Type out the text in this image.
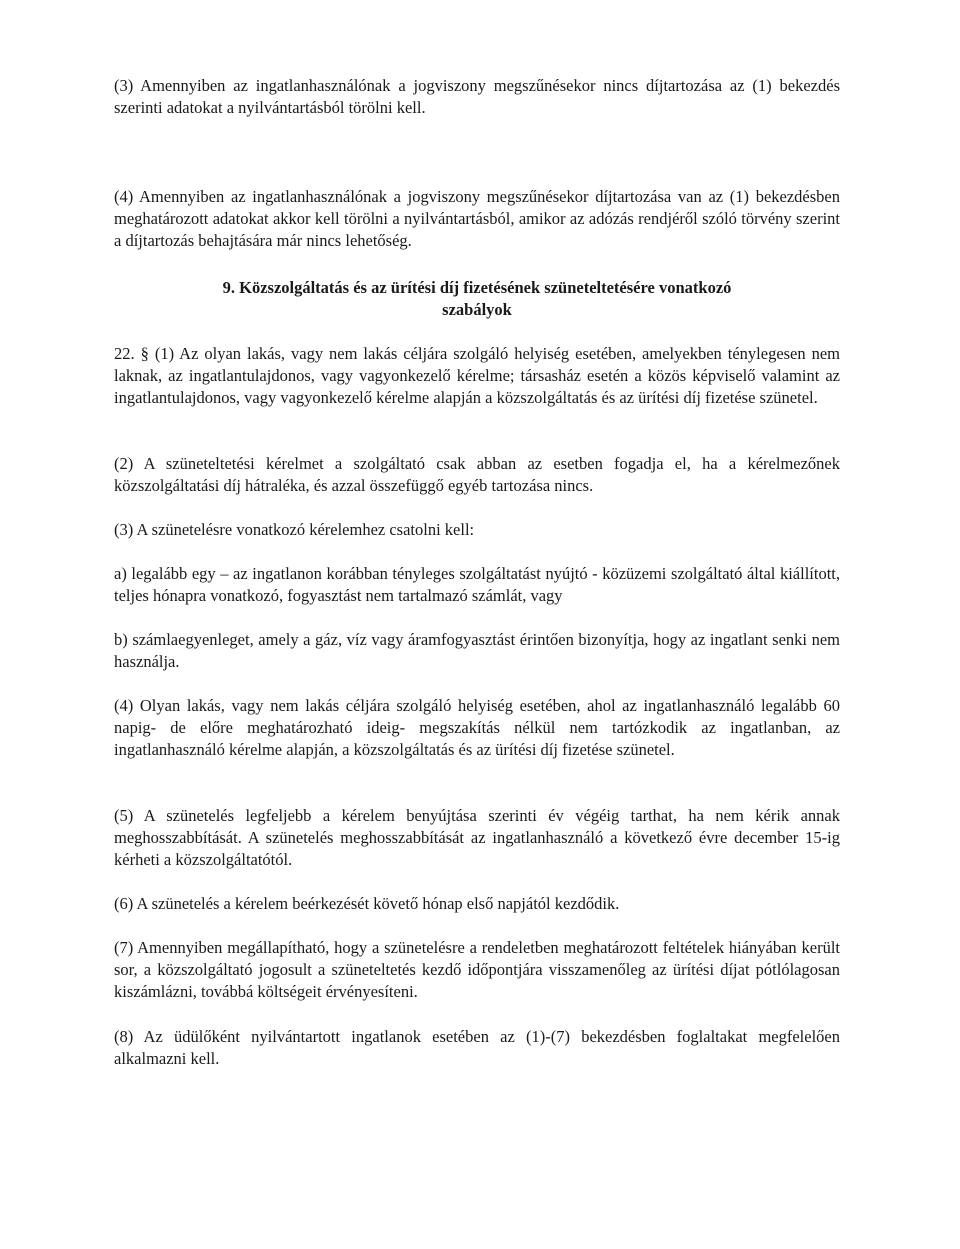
(3) Amennyiben az ingatlanhasználónak a jogviszony megszűnésekor nincs díjtartozása az (1) bekezdés szerinti adatokat a nyilvántartásból törölni kell.

(4) Amennyiben az ingatlanhasználónak a jogviszony megszűnésekor díjtartozása van az (1) bekezdésben meghatározott adatokat akkor kell törölni a nyilvántartásból, amikor az adózás rendjéről szóló törvény szerint a díjtartozás behajtására már nincs lehetőség.

9. Közszolgáltatás és az ürítési díj fizetésének szüneteltetésére vonatkozó
szabályok

22. § (1) Az olyan lakás, vagy nem lakás céljára szolgáló helyiség esetében, amelyekben ténylegesen nem laknak, az ingatlantulajdonos, vagy vagyonkezelő kérelme; társasház esetén a közös képviselő valamint az ingatlantulajdonos, vagy vagyonkezelő kérelme alapján a közszolgáltatás és az ürítési díj fizetése szünetel.

(2) A szüneteltetési kérelmet a szolgáltató csak abban az esetben fogadja el, ha a kérelmezőnek közszolgáltatási díj hátraléka, és azzal összefüggő egyéb tartozása nincs.

(3) A szünetelésre vonatkozó kérelemhez csatolni kell:

a) legalább egy – az ingatlanon korábban tényleges szolgáltatást nyújtó - közüzemi szolgáltató által kiállított, teljes hónapra vonatkozó, fogyasztást nem tartalmazó számlát, vagy

b) számlaegyenleget, amely a gáz, víz vagy áramfogyasztást érintően bizonyítja, hogy az ingatlant senki nem használja.

(4) Olyan lakás, vagy nem lakás céljára szolgáló helyiség esetében, ahol az ingatlanhasználó legalább 60 napig- de előre meghatározható ideig- megszakítás nélkül nem tartózkodik az ingatlanban, az ingatlanhasználó kérelme alapján, a közszolgáltatás és az ürítési díj fizetése szünetel.

(5) A szünetelés legfeljebb a kérelem benyújtása szerinti év végéig tarthat, ha nem kérik annak meghosszabbítását. A szünetelés meghosszabbítását az ingatlanhasználó a következő évre december 15-ig kérheti a közszolgáltatótól.

(6) A szünetelés a kérelem beérkezését követő hónap első napjától kezdődik.

(7) Amennyiben megállapítható, hogy a szünetelésre a rendeletben meghatározott feltételek hiányában került sor, a közszolgáltató jogosult a szüneteltetés kezdő időpontjára visszamenőleg az ürítési díjat pótlólagosan kiszámlázni, továbbá költségeit érvényesíteni.

(8) Az üdülőként nyilvántartott ingatlanok esetében az (1)-(7) bekezdésben foglaltakat megfelelően alkalmazni kell.
